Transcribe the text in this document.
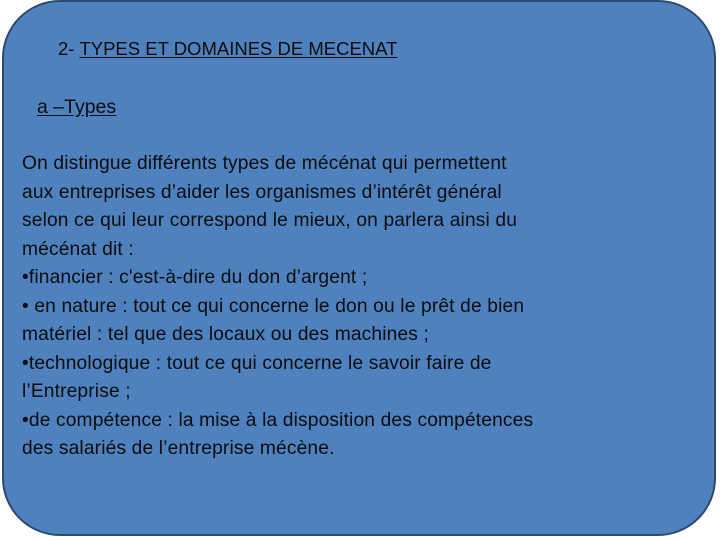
2- TYPES ET DOMAINES DE MECENAT
a –Types
On distingue différents types de mécénat qui permettent
aux entreprises d’aider les organismes d’intérêt général
selon ce qui leur correspond le mieux, on parlera ainsi du
mécénat dit :
•financier : c'est-à-dire du don d’argent ;
• en nature : tout ce qui concerne le don ou le prêt de bien
matériel : tel que des locaux ou des machines ;
•technologique : tout ce qui concerne le savoir faire de
l’Entreprise ;
•de compétence : la mise à la disposition des compétences
des salariés de l’entreprise mécène.
